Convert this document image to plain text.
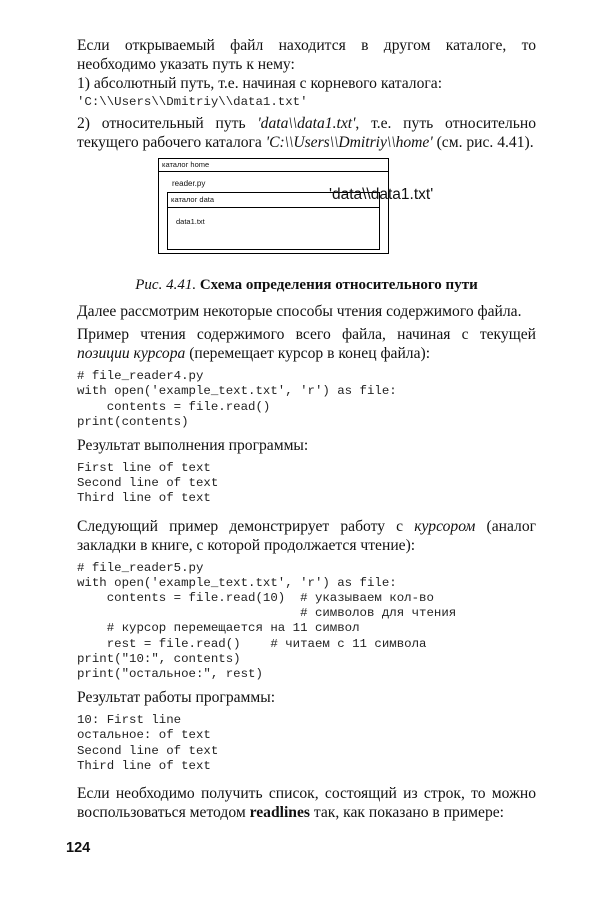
Если открываемый файл находится в другом каталоге, то необходимо указать путь к нему:

1) абсолютный путь, т.е. начиная с корневого каталога:

'C:\\Users\\Dmitriy\\data1.txt'

2) относительный путь 'data\\data1.txt', т.е. путь относительно текущего рабочего каталога 'C:\\Users\\Dmitriy\\home' (см. рис. 4.41).

каталог home
reader.py
каталог data
data1.txt
'data\\data1.txt'
Рис. 4.41. Схема определения относительного пути

Далее рассмотрим некоторые способы чтения содержимого файла.

Пример чтения содержимого всего файла, начиная с текущей позиции курсора (перемещает курсор в конец файла):

# file_reader4.py
with open('example_text.txt', 'r') as file:
contents = file.read()
print(contents)

Результат выполнения программы:

First line of text
Second line of text
Third line of text

Следующий пример демонстрирует работу с курсором (аналог закладки в книге, с которой продолжается чтение):

# file_reader5.py
with open('example_text.txt', 'r') as file:
contents = file.read(10)  # указываем кол-во
# символов для чтения
# курсор перемещается на 11 символ
rest = file.read()    # читаем с 11 символа
print("10:", contents)
print("остальное:", rest)

Результат работы программы:

10: First line
остальное: of text
Second line of text
Third line of text

Если необходимо получить список, состоящий из строк, то можно воспользоваться методом readlines так, как показано в примере:

124
